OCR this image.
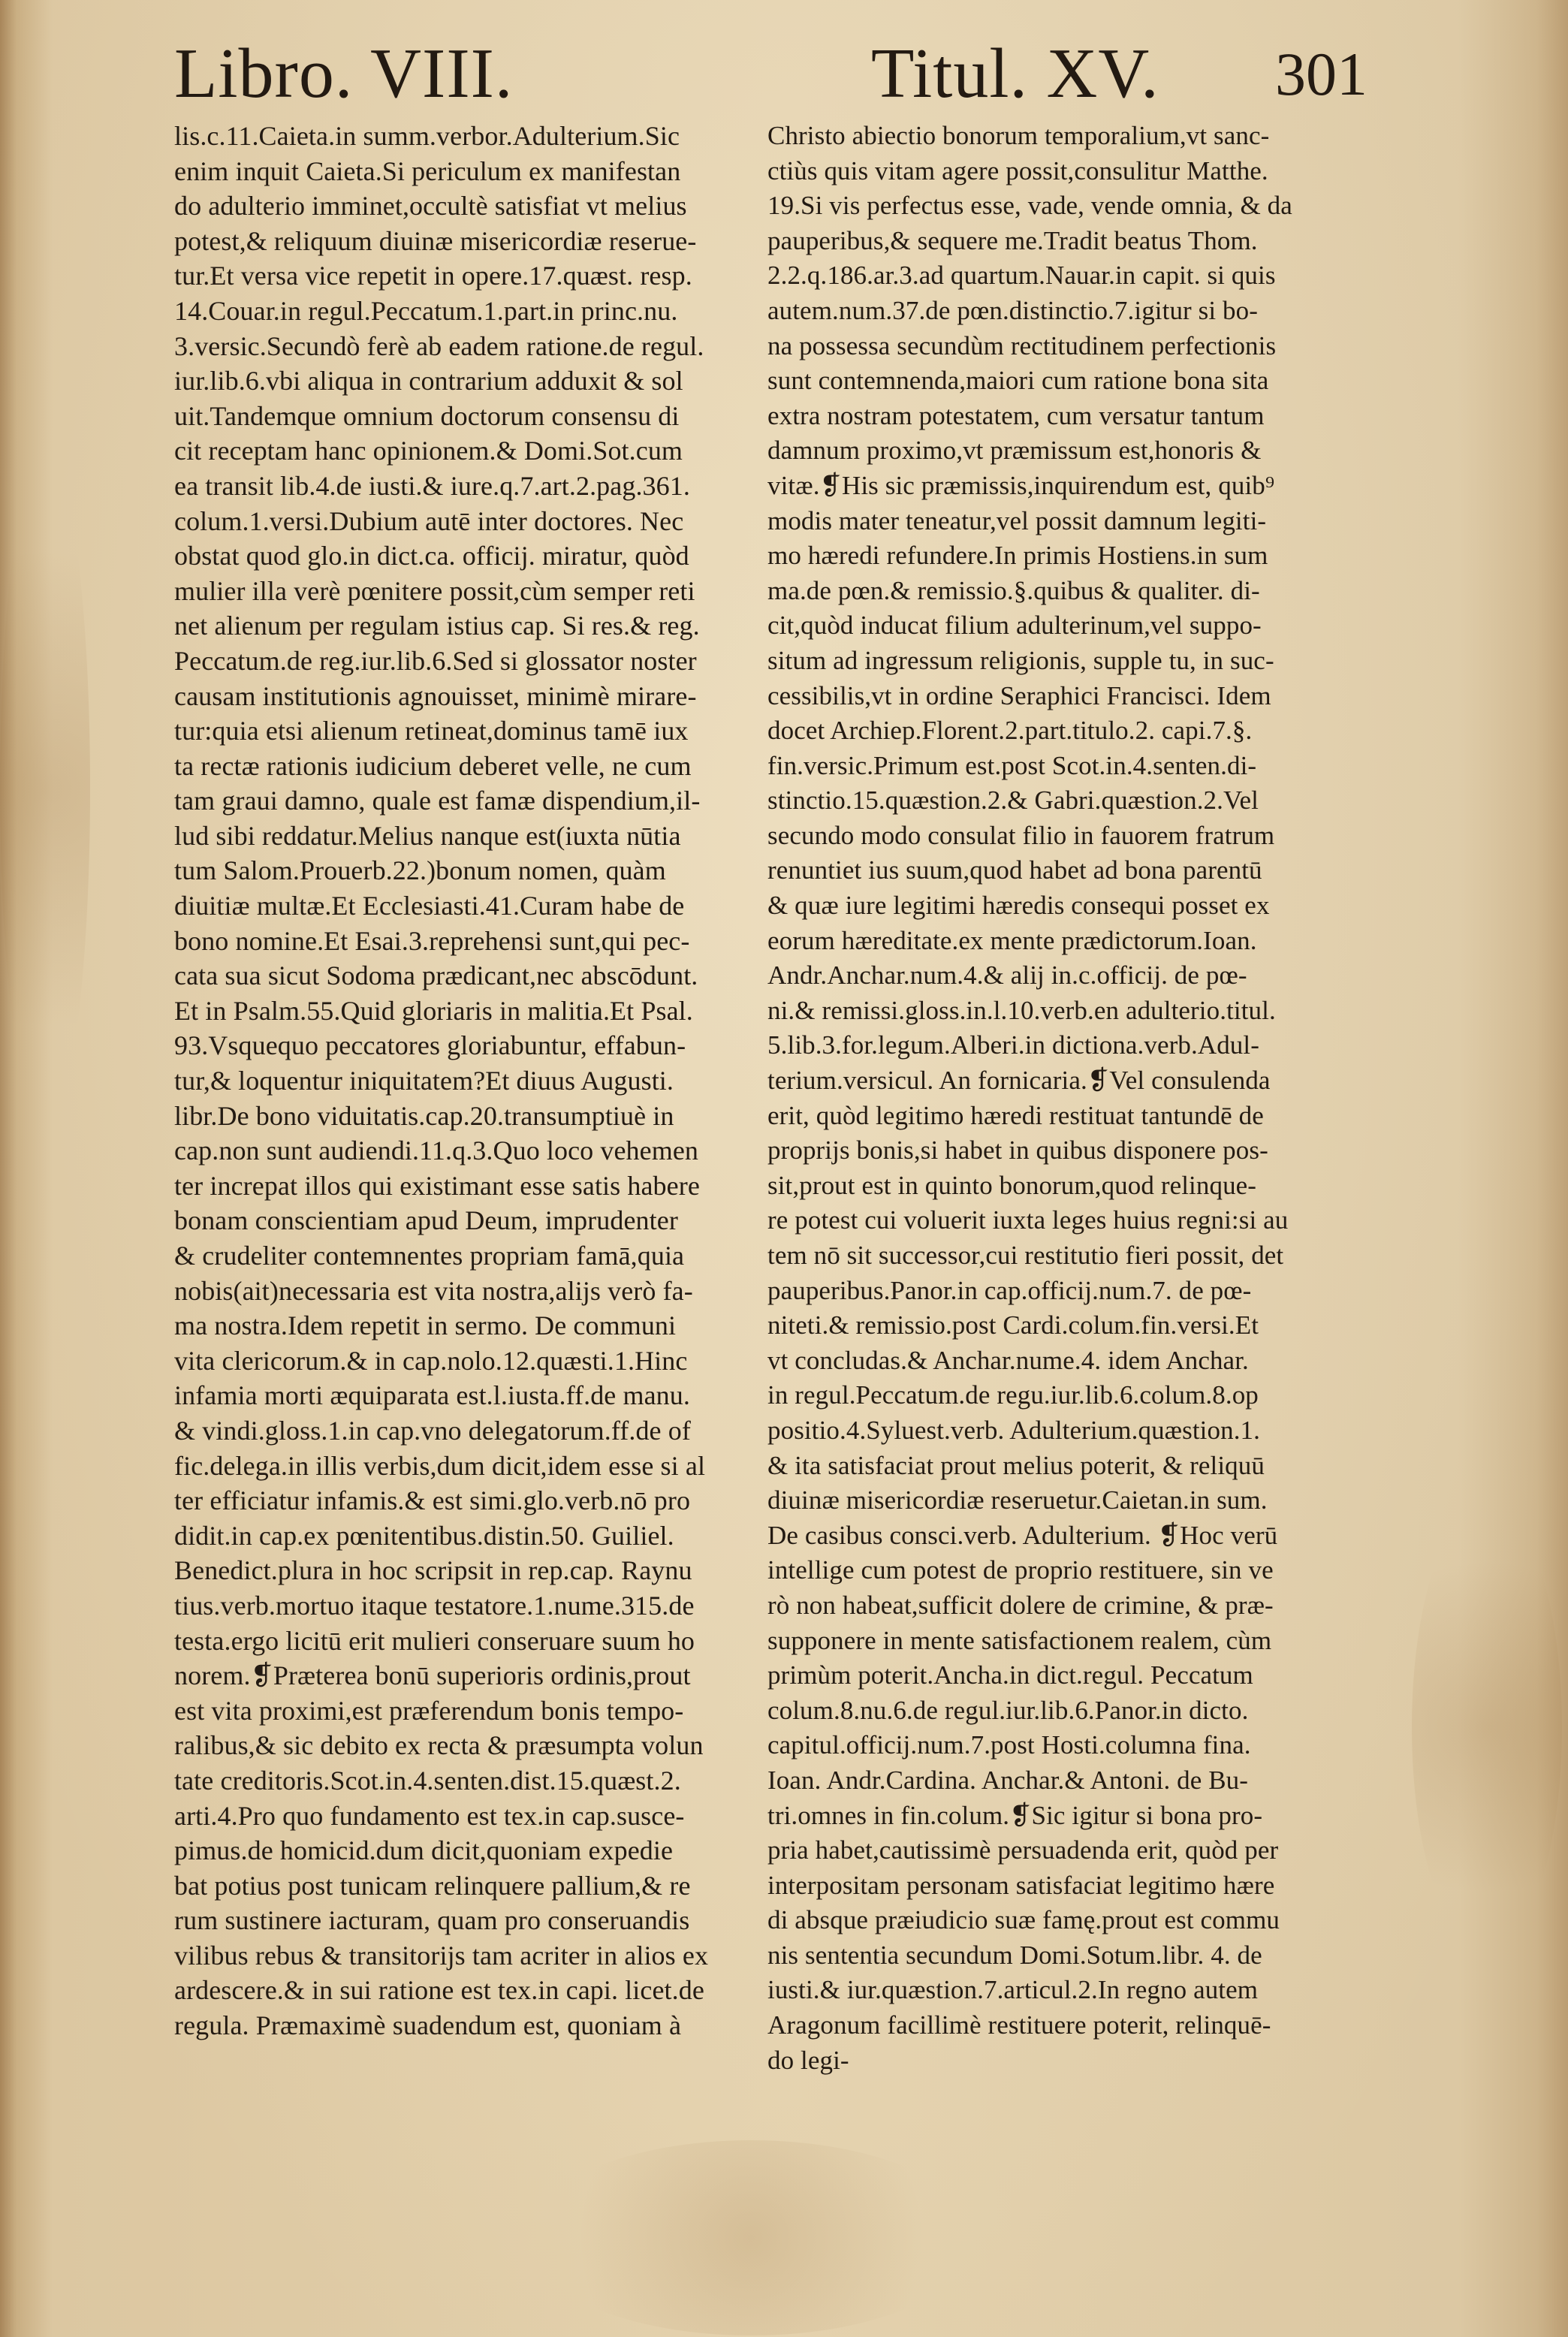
Libro. VIII.	Titul. XV. 301
lis.c.11.Caieta.in summ.verbor.Adulterium.Sic
enim inquit Caieta.Si periculum ex manifestan
do adulterio imminet,occultè satisfiat vt melius
potest,& reliquum diuinæ misericordiæ reserue-
tur.Et versa vice repetit in opere.17.quæst. resp.
14.Couar.in regul.Peccatum.1.part.in princ.nu.
3.versic.Secundò ferè ab eadem ratione.de regul.
iur.lib.6.vbi aliqua in contrarium adduxit & sol
uit.Tandemque omnium doctorum consensu di
cit receptam hanc opinionem.& Domi.Sot.cum
ea transit lib.4.de iusti.& iure.q.7.art.2.pag.361.
colum.1.versi.Dubium autē inter doctores. Nec
obstat quod glo.in dict.ca. officij. miratur, quòd
mulier illa verè pœnitere possit,cùm semper reti
net alienum per regulam istius cap. Si res.& reg.
Peccatum.de reg.iur.lib.6.Sed si glossator noster
causam institutionis agnouisset, minimè mirare-
tur:quia etsi alienum retineat,dominus tamē iux
ta rectæ rationis iudicium deberet velle, ne cum
tam graui damno, quale est famæ dispendium,il-
lud sibi reddatur.Melius nanque est(iuxta nūtia
tum Salom.Prouerb.22.)bonum nomen, quàm
diuitiæ multæ.Et Ecclesiasti.41.Curam habe de
bono nomine.Et Esai.3.reprehensi sunt,qui pec-
cata sua sicut Sodoma prædicant,nec abscōdunt.
Et in Psalm.55.Quid gloriaris in malitia.Et Psal.
93.Vsquequo peccatores gloriabuntur, effabun-
tur,& loquentur iniquitatem?Et diuus Augusti.
libr.De bono viduitatis.cap.20.transumptiuè in
cap.non sunt audiendi.11.q.3.Quo loco vehemen
ter increpat illos qui existimant esse satis habere
bonam conscientiam apud Deum, imprudenter
& crudeliter contemnentes propriam famā,quia
nobis(ait)necessaria est vita nostra,alijs verò fa-
ma nostra.Idem repetit in sermo. De communi
vita clericorum.& in cap.nolo.12.quæsti.1.Hinc
infamia morti æquiparata est.l.iusta.ff.de manu.
& vindi.gloss.1.in cap.vno delegatorum.ff.de of
fic.delega.in illis verbis,dum dicit,idem esse si al
ter efficiatur infamis.& est simi.glo.verb.nō pro
didit.in cap.ex pœnitentibus.distin.50. Guiliel.
Benedict.plura in hoc scripsit in rep.cap. Raynu
tius.verb.mortuo itaque testatore.1.nume.315.de
testa.ergo licitū erit mulieri conseruare suum ho
norem.❡Præterea bonū superioris ordinis,prout
est vita proximi,est præferendum bonis tempo-
ralibus,& sic debito ex recta & præsumpta volun
tate creditoris.Scot.in.4.senten.dist.15.quæst.2.
arti.4.Pro quo fundamento est tex.in cap.susce-
pimus.de homicid.dum dicit,quoniam expedie
bat potius post tunicam relinquere pallium,& re
rum sustinere iacturam, quam pro conseruandis
vilibus rebus & transitorijs tam acriter in alios ex
ardescere.& in sui ratione est tex.in capi. licet.de
regula. Præmaximè suadendum est, quoniam à
Christo abiectio bonorum temporalium,vt sanc-
ctiùs quis vitam agere possit,consulitur Matthe.
19.Si vis perfectus esse, vade, vende omnia, & da
pauperibus,& sequere me.Tradit beatus Thom.
2.2.q.186.ar.3.ad quartum.Nauar.in capit. si quis
autem.num.37.de pœn.distinctio.7.igitur si bo-
na possessa secundùm rectitudinem perfectionis
sunt contemnenda,maiori cum ratione bona sita
extra nostram potestatem, cum versatur tantum
damnum proximo,vt præmissum est,honoris &
vitæ.❡His sic præmissis,inquirendum est, quib⁹
modis mater teneatur,vel possit damnum legiti-
mo hæredi refundere.In primis Hostiens.in sum
ma.de pœn.& remissio.§.quibus & qualiter. di-
cit,quòd inducat filium adulterinum,vel suppo-
situm ad ingressum religionis, supple tu, in suc-
cessibilis,vt in ordine Seraphici Francisci. Idem
docet Archiep.Florent.2.part.titulo.2. capi.7.§.
fin.versic.Primum est.post Scot.in.4.senten.di-
stinctio.15.quæstion.2.& Gabri.quæstion.2.Vel
secundo modo consulat filio in fauorem fratrum
renuntiet ius suum,quod habet ad bona parentū
& quæ iure legitimi hæredis consequi posset ex
eorum hæreditate.ex mente prædictorum.Ioan.
Andr.Anchar.num.4.& alij in.c.officij. de pœ-
ni.& remissi.gloss.in.l.10.verb.en adulterio.titul.
5.lib.3.for.legum.Alberi.in dictiona.verb.Adul-
terium.versicul. An fornicaria.❡Vel consulenda
erit, quòd legitimo hæredi restituat tantundē de
proprijs bonis,si habet in quibus disponere pos-
sit,prout est in quinto bonorum,quod relinque-
re potest cui voluerit iuxta leges huius regni:si au
tem nō sit successor,cui restitutio fieri possit, det
pauperibus.Panor.in cap.officij.num.7. de pœ-
niteti.& remissio.post Cardi.colum.fin.versi.Et
vt concludas.& Anchar.nume.4. idem Anchar.
in regul.Peccatum.de regu.iur.lib.6.colum.8.op
positio.4.Syluest.verb. Adulterium.quæstion.1.
& ita satisfaciat prout melius poterit, & reliquū
diuinæ misericordiæ reseruetur.Caietan.in sum.
De casibus consci.verb. Adulterium. ❡Hoc verū
intellige cum potest de proprio restituere, sin ve
rò non habeat,sufficit dolere de crimine, & præ-
supponere in mente satisfactionem realem, cùm
primùm poterit.Ancha.in dict.regul. Peccatum
colum.8.nu.6.de regul.iur.lib.6.Panor.in dicto.
capitul.officij.num.7.post Hosti.columna fina.
Ioan. Andr.Cardina. Anchar.& Antoni. de Bu-
tri.omnes in fin.colum.❡Sic igitur si bona pro-
pria habet,cautissimè persuadenda erit, quòd per
interpositam personam satisfaciat legitimo hære
di absque præiudicio suæ famę.prout est commu
nis sententia secundum Domi.Sotum.libr. 4. de
iusti.& iur.quæstion.7.articul.2.In regno autem
Aragonum facillimè restituere poterit, relinquē-
do legi-
